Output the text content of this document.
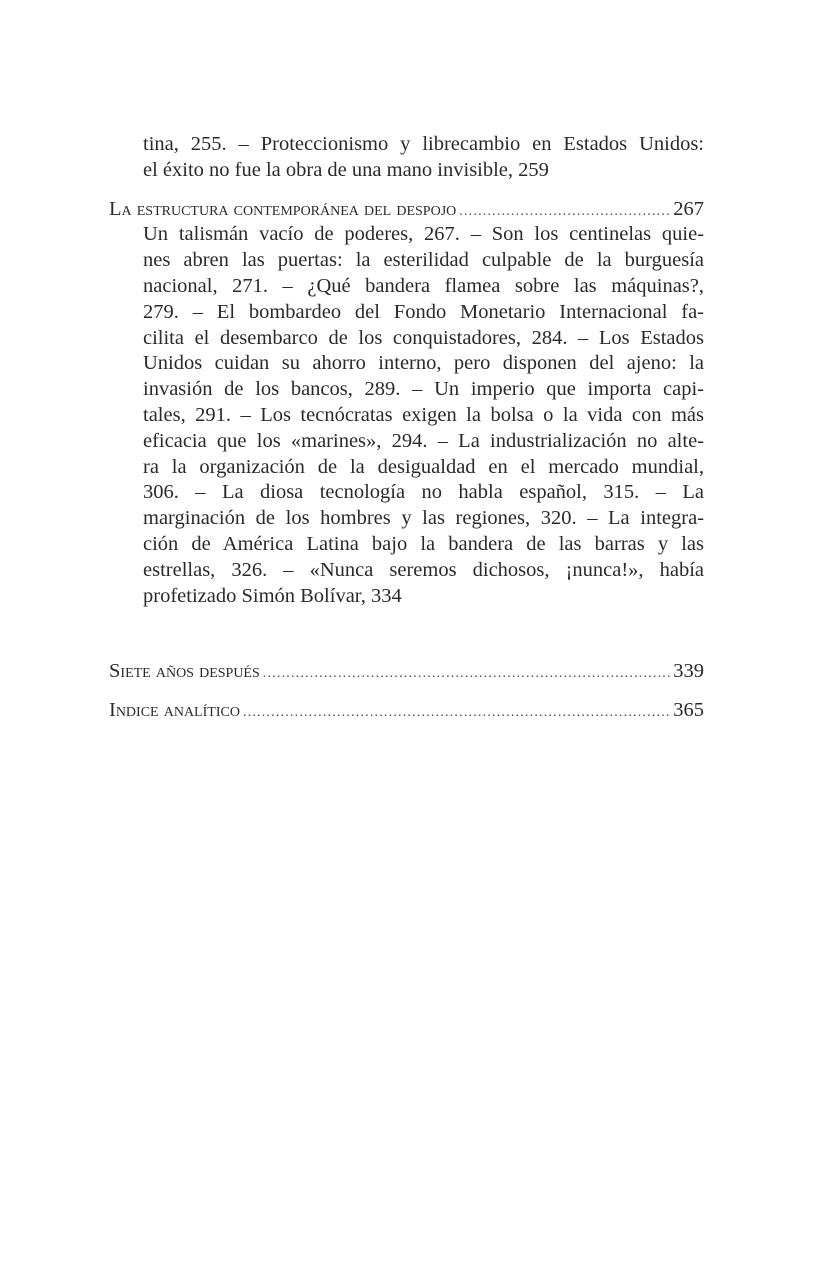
tina, 255. – Proteccionismo y librecambio en Estados Unidos:
el éxito no fue la obra de una mano invisible, 259
La estructura contemporánea del despojo .....	267
Un talismán vacío de poderes, 267. – Son los centinelas quie-
nes abren las puertas: la esterilidad culpable de la burguesía
nacional, 271. – ¿Qué bandera flamea sobre las máquinas?,
279. – El bombardeo del Fondo Monetario Internacional fa-
cilita el desembarco de los conquistadores, 284. – Los Estados
Unidos cuidan su ahorro interno, pero disponen del ajeno: la
invasión de los bancos, 289. – Un imperio que importa capi-
tales, 291. – Los tecnócratas exigen la bolsa o la vida con más
eficacia que los «marines», 294. – La industrialización no alte-
ra la organización de la desigualdad en el mercado mundial,
306. – La diosa tecnología no habla español, 315. – La
marginación de los hombres y las regiones, 320. – La integra-
ción de América Latina bajo la bandera de las barras y las
estrellas, 326. – «Nunca seremos dichosos, ¡nunca!», había
profetizado Simón Bolívar, 334
Siete años después .....	339
Indice analítico .....	365
